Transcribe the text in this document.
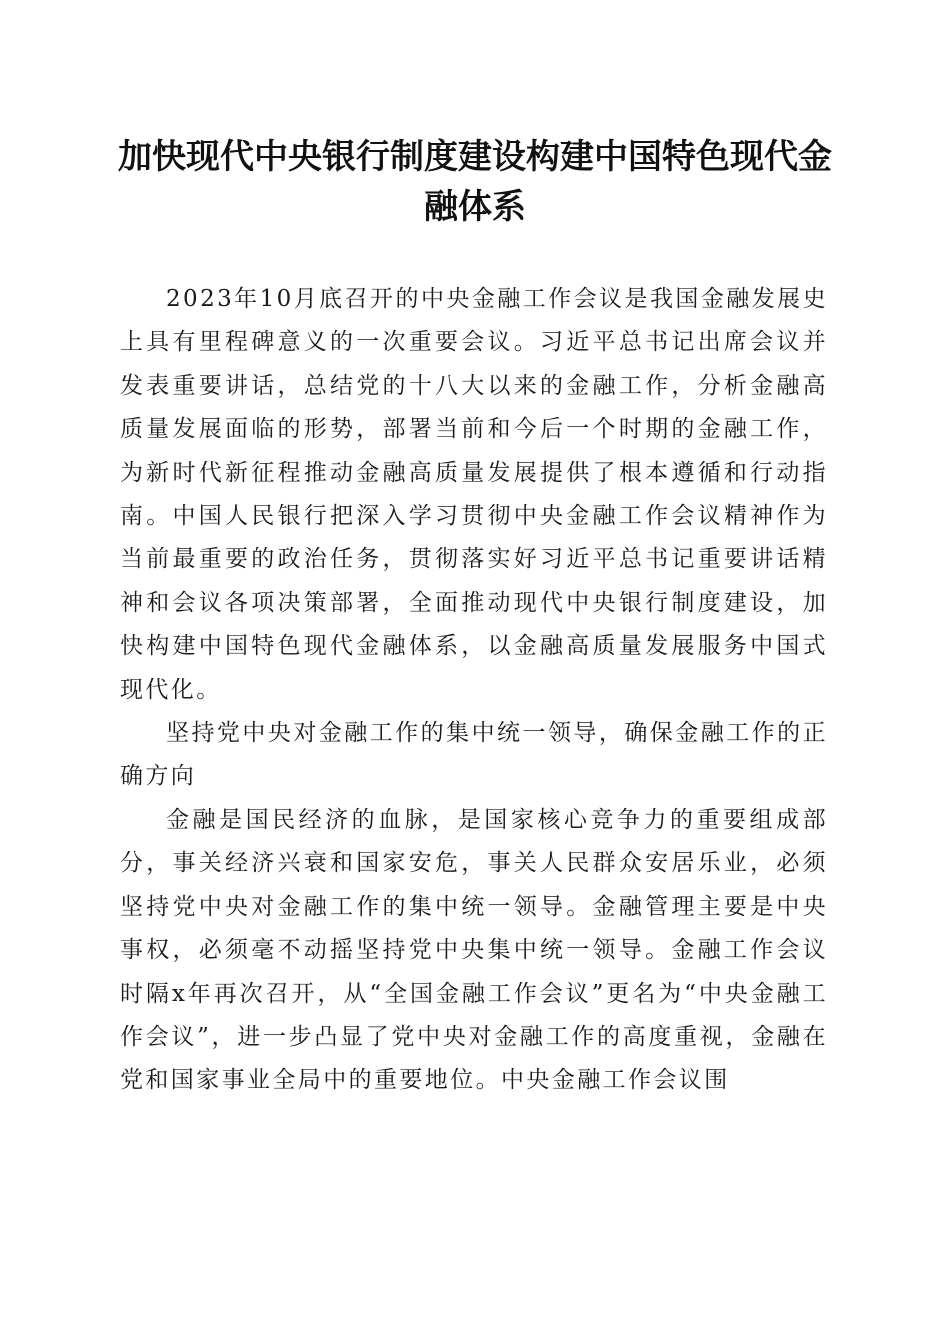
加快现代中央银行制度建设构建中国特色现代金融体系

2023年10月底召开的中央金融工作会议是我国金融发展史上具有里程碑意义的一次重要会议。习近平总书记出席会议并发表重要讲话，总结党的十八大以来的金融工作，分析金融高质量发展面临的形势，部署当前和今后一个时期的金融工作，为新时代新征程推动金融高质量发展提供了根本遵循和行动指南。中国人民银行把深入学习贯彻中央金融工作会议精神作为当前最重要的政治任务，贯彻落实好习近平总书记重要讲话精神和会议各项决策部署，全面推动现代中央银行制度建设，加快构建中国特色现代金融体系，以金融高质量发展服务中国式现代化。

坚持党中央对金融工作的集中统一领导，确保金融工作的正确方向

金融是国民经济的血脉，是国家核心竞争力的重要组成部分，事关经济兴衰和国家安危，事关人民群众安居乐业，必须坚持党中央对金融工作的集中统一领导。金融管理主要是中央事权，必须毫不动摇坚持党中央集中统一领导。金融工作会议时隔x年再次召开，从“全国金融工作会议”更名为“中央金融工作会议”，进一步凸显了党中央对金融工作的高度重视，金融在党和国家事业全局中的重要地位。中央金融工作会议围
